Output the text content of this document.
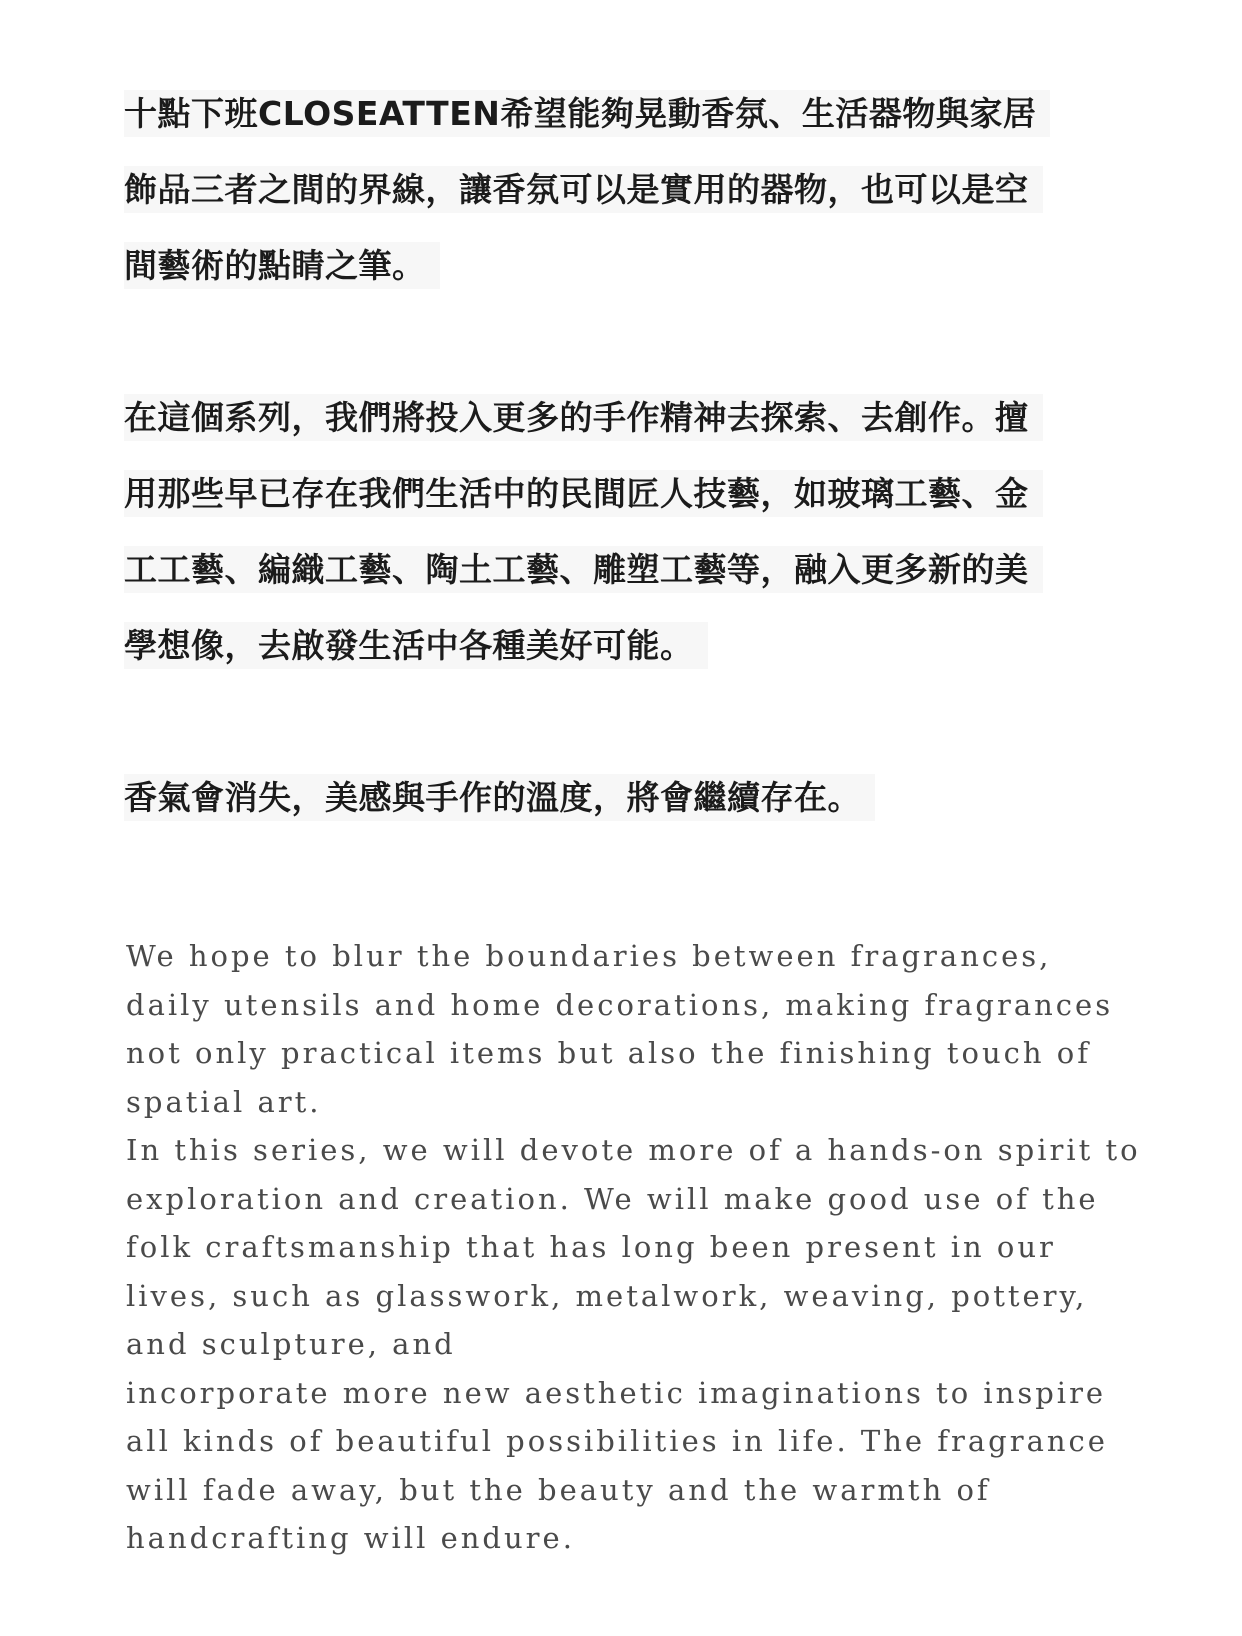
十點下班CLOSEATTEN希望能夠晃動香氛、生活器物與家居
飾品三者之間的界線，讓香氛可以是實用的器物，也可以是空
間藝術的點睛之筆。
在這個系列，我們將投入更多的手作精神去探索、去創作。擅
用那些早已存在我們生活中的民間匠人技藝，如玻璃工藝、金
工工藝、編織工藝、陶土工藝、雕塑工藝等，融入更多新的美
學想像，去啟發生活中各種美好可能。
香氣會消失，美感與手作的溫度，將會繼續存在。
We hope to blur the boundaries between fragrances,
daily utensils and home decorations, making fragrances
not only practical items but also the finishing touch of
spatial art.
In this series, we will devote more of a hands-on spirit to
exploration and creation. We will make good use of the
folk craftsmanship that has long been present in our
lives, such as glasswork, metalwork, weaving, pottery,
and sculpture, and
incorporate more new aesthetic imaginations to inspire
all kinds of beautiful possibilities in life. The fragrance
will fade away, but the beauty and the warmth of
handcrafting will endure.
